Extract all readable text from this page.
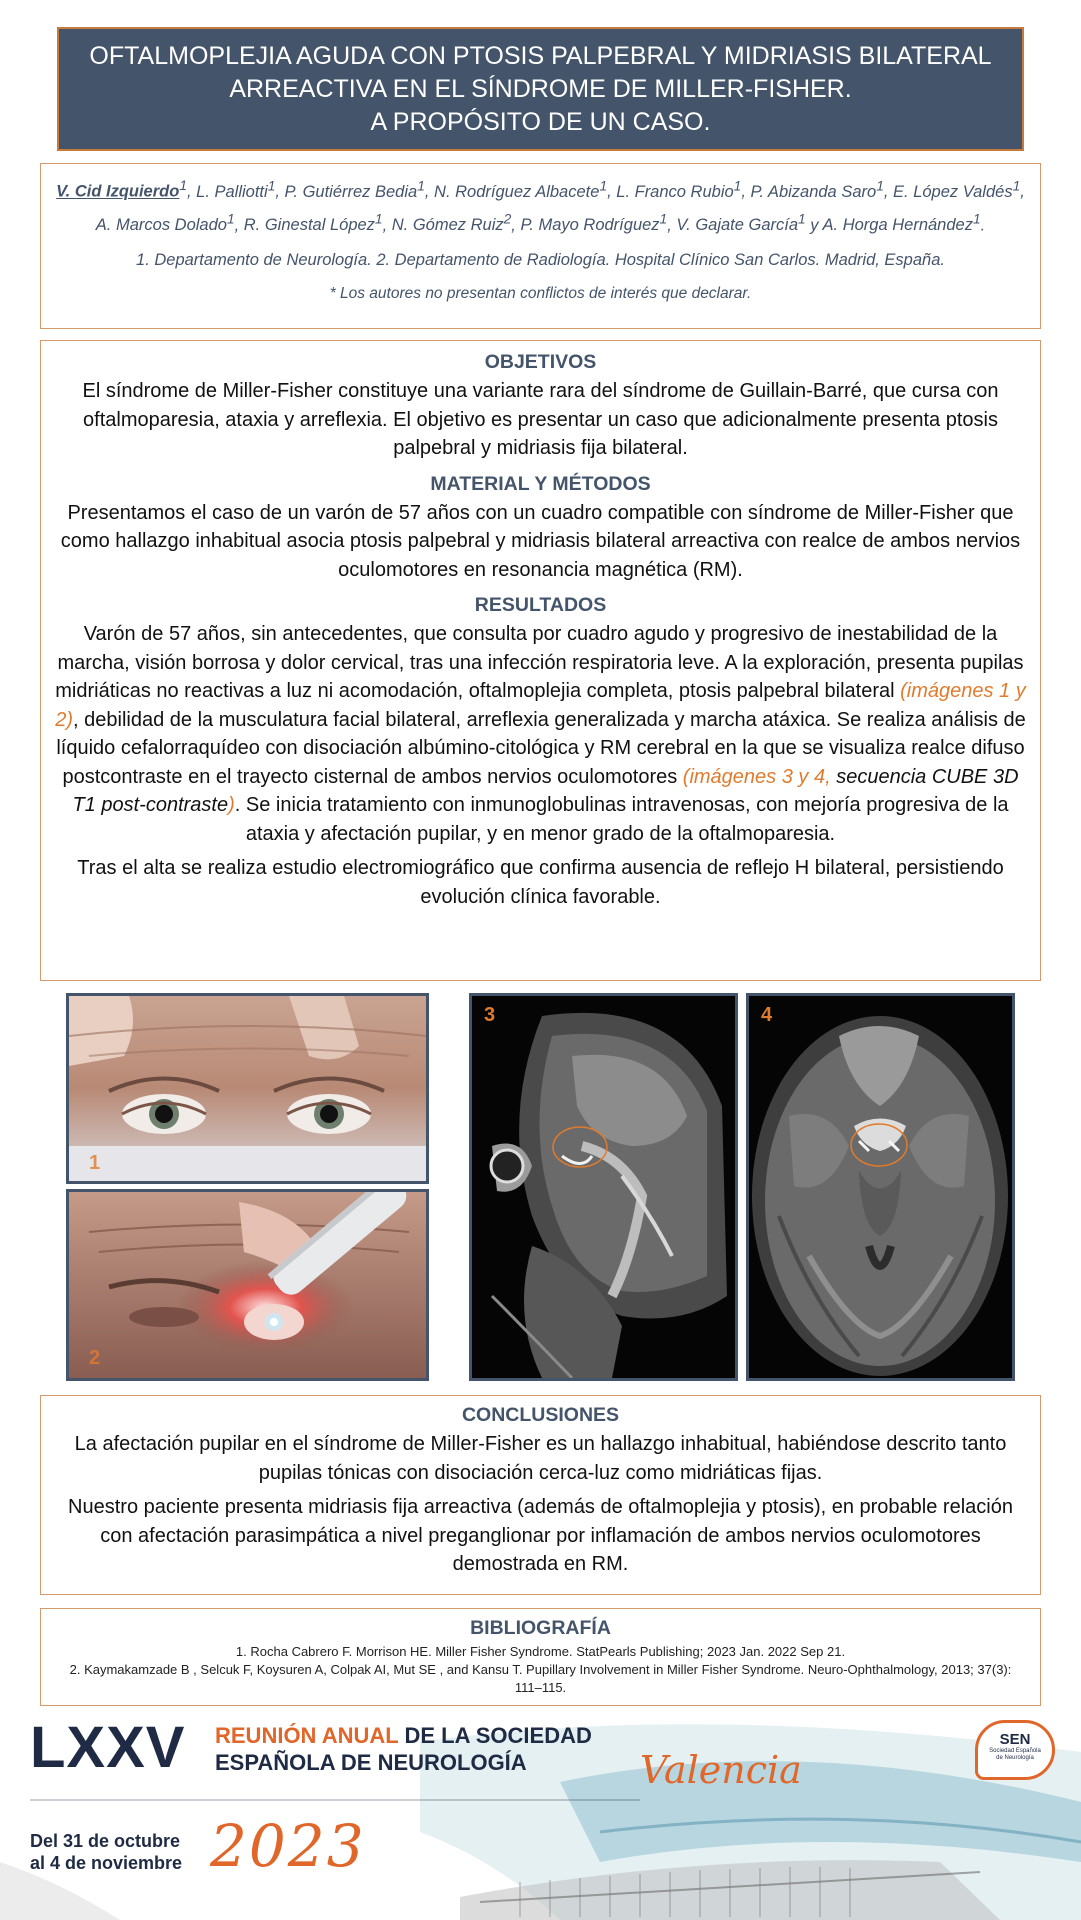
OFTALMOPLEJIA AGUDA CON PTOSIS PALPEBRAL Y MIDRIASIS BILATERAL
ARREACTIVA EN EL SÍNDROME DE MILLER-FISHER.
A PROPÓSITO DE UN CASO.
V. Cid Izquierdo$^1$, L. Palliotti$^1$, P. Gutiérrez Bedia$^1$, N. Rodríguez Albacete$^1$, L. Franco Rubio$^1$, P. Abizanda Saro$^1$, E. López Valdés$^1$, A. Marcos Dolado$^1$, R. Ginestal López$^1$, N. Gómez Ruiz$^2$, P. Mayo Rodríguez$^1$, V. Gajate García$^1$ y A. Horga Hernández$^1$.
1. Departamento de Neurología. 2. Departamento de Radiología. Hospital Clínico San Carlos. Madrid, España.
* Los autores no presentan conflictos de interés que declarar.
OBJETIVOS

El síndrome de Miller-Fisher constituye una variante rara del síndrome de Guillain-Barré, que cursa con oftalmoparesia, ataxia y arreflexia. El objetivo es presentar un caso que adicionalmente presenta ptosis palpebral y midriasis fija bilateral.

MATERIAL Y MÉTODOS

Presentamos el caso de un varón de 57 años con un cuadro compatible con síndrome de Miller-Fisher que como hallazgo inhabitual asocia ptosis palpebral y midriasis bilateral arreactiva con realce de ambos nervios oculomotores en resonancia magnética (RM).

RESULTADOS

Varón de 57 años, sin antecedentes, que consulta por cuadro agudo y progresivo de inestabilidad de la marcha, visión borrosa y dolor cervical, tras una infección respiratoria leve. A la exploración, presenta pupilas midriáticas no reactivas a luz ni acomodación, oftalmoplejia completa, ptosis palpebral bilateral (imágenes 1 y 2), debilidad de la musculatura facial bilateral, arreflexia generalizada y marcha atáxica. Se realiza análisis de líquido cefalorraquídeo con disociación albúmino-citológica y RM cerebral en la que se visualiza realce difuso postcontraste en el trayecto cisternal de ambos nervios oculomotores (imágenes 3 y 4, secuencia CUBE 3D T1 post-contraste). Se inicia tratamiento con inmunoglobulinas intravenosas, con mejoría progresiva de la ataxia y afectación pupilar, y en menor grado de la oftalmoparesia.

Tras el alta se realiza estudio electromiográfico que confirma ausencia de reflejo H bilateral, persistiendo evolución clínica favorable.

1
2
3	4
CONCLUSIONES

La afectación pupilar en el síndrome de Miller-Fisher es un hallazgo inhabitual, habiéndose descrito tanto pupilas tónicas con disociación cerca-luz como midriáticas fijas.

Nuestro paciente presenta midriasis fija arreactiva (además de oftalmoplejia y ptosis), en probable relación con afectación parasimpática a nivel preganglionar por inflamación de ambos nervios oculomotores demostrada en RM.

BIBLIOGRAFÍA

1. Rocha Cabrero F. Morrison HE. Miller Fisher Syndrome. StatPearls Publishing; 2023 Jan. 2022 Sep 21.

2. Kaymakamzade B , Selcuk F, Koysuren A, Colpak AI, Mut SE , and Kansu T. Pupillary Involvement in Miller Fisher Syndrome. Neuro-Ophthalmology, 2013; 37(3): 111–115.

LXXV REUNIÓN ANUAL DE LA SOCIEDAD
ESPAÑOLA DE NEUROLOGÍA	Valencia
Del 31 de octubre
al 4 de noviembre 2023
SEN
Sociedad Española
de Neurología
